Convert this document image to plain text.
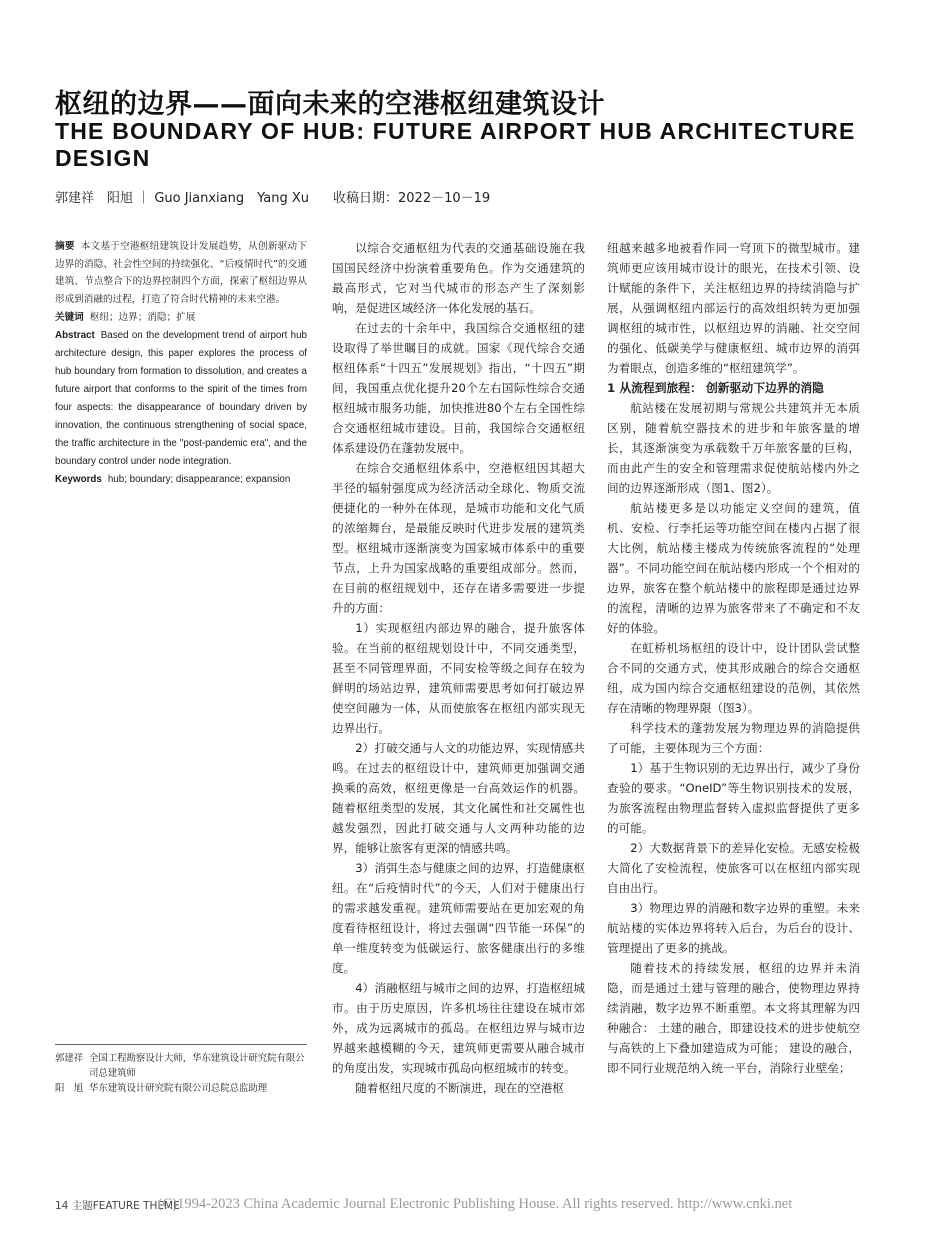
枢纽的边界——面向未来的空港枢纽建筑设计
THE BOUNDARY OF HUB: FUTURE AIRPORT HUB ARCHITECTURE DESIGN
郭建祥　阳旭 ｜ Guo Jianxiang　Yang Xu 收稿日期：2022－10－19

摘要 本文基于空港枢纽建筑设计发展趋势，从创新驱动下边界的消隐、社会性空间的持续强化、“后疫情时代”的交通建筑、节点整合下的边界控制四个方面，探索了枢纽边界从形成到消融的过程，打造了符合时代精神的未来空港。

关键词 枢纽；边界；消隐；扩展

Abstract Based on the development trend of airport hub architecture design, this paper explores the process of hub boundary from formation to dissolution, and creates a future airport that conforms to the spirit of the times from four aspects: the disappearance of boundary driven by innovation, the continuous strengthening of social space, the traffic architecture in the "post-pandemic era", and the boundary control under node integration.

Keywords hub; boundary; disappearance; expansion

郭建祥 全国工程勘察设计大师，华东建筑设计研究院有限公司总建筑师
阳　旭 华东建筑设计研究院有限公司总院总监助理

以综合交通枢纽为代表的交通基础设施在我国国民经济中扮演着重要角色。作为交通建筑的最高形式，它对当代城市的形态产生了深刻影响，是促进区域经济一体化发展的基石。

在过去的十余年中，我国综合交通枢纽的建设取得了举世瞩目的成就。国家《现代综合交通枢纽体系“十四五”发展规划》指出，“十四五”期间，我国重点优化提升20个左右国际性综合交通枢纽城市服务功能，加快推进80个左右全国性综合交通枢纽城市建设。目前，我国综合交通枢纽体系建设仍在蓬勃发展中。

在综合交通枢纽体系中，空港枢纽因其超大半径的辐射强度成为经济活动全球化、物质交流便捷化的一种外在体现，是城市功能和文化气质的浓缩舞台，是最能反映时代进步发展的建筑类型。枢纽城市逐渐演变为国家城市体系中的重要节点，上升为国家战略的重要组成部分。然而，在目前的枢纽规划中，还存在诸多需要进一步提升的方面：

1）实现枢纽内部边界的融合，提升旅客体验。在当前的枢纽规划设计中，不同交通类型，甚至不同管理界面，不同安检等级之间存在较为鲜明的场站边界，建筑师需要思考如何打破边界使空间融为一体，从而使旅客在枢纽内部实现无边界出行。

2）打破交通与人文的功能边界，实现情感共鸣。在过去的枢纽设计中，建筑师更加强调交通换乘的高效，枢纽更像是一台高效运作的机器。随着枢纽类型的发展，其文化属性和社交属性也越发强烈，因此打破交通与人文两种功能的边界，能够让旅客有更深的情感共鸣。

3）消弭生态与健康之间的边界，打造健康枢纽。在“后疫情时代”的今天，人们对于健康出行的需求越发重视。建筑师需要站在更加宏观的角度看待枢纽设计，将过去强调“四节能一环保”的单一维度转变为低碳运行、旅客健康出行的多维度。

4）消融枢纽与城市之间的边界，打造枢纽城市。由于历史原因，许多机场往往建设在城市郊外，成为远离城市的孤岛。在枢纽边界与城市边界越来越模糊的今天，建筑师更需要从融合城市的角度出发，实现城市孤岛向枢纽城市的转变。

随着枢纽尺度的不断演进，现在的空港枢

纽越来越多地被看作同一穹顶下的微型城市。建筑师更应该用城市设计的眼光，在技术引领、设计赋能的条件下，关注枢纽边界的持续消隐与扩展，从强调枢纽内部运行的高效组织转为更加强调枢纽的城市性，以枢纽边界的消融、社交空间的强化、低碳美学与健康枢纽、城市边界的消弭为着眼点，创造多维的“枢纽建筑学”。

1 从流程到旅程： 创新驱动下边界的消隐

航站楼在发展初期与常规公共建筑并无本质区别，随着航空器技术的进步和年旅客量的增长，其逐渐演变为承载数千万年旅客量的巨构，而由此产生的安全和管理需求促使航站楼内外之间的边界逐渐形成（图1、图2）。

航站楼更多是以功能定义空间的建筑，值机、安检、行李托运等功能空间在楼内占据了很大比例，航站楼主楼成为传统旅客流程的“处理器”。不同功能空间在航站楼内形成一个个相对的边界，旅客在整个航站楼中的旅程即是通过边界的流程，清晰的边界为旅客带来了不确定和不友好的体验。

在虹桥机场枢纽的设计中，设计团队尝试整合不同的交通方式，使其形成融合的综合交通枢纽，成为国内综合交通枢纽建设的范例，其依然存在清晰的物理界限（图3）。

科学技术的蓬勃发展为物理边界的消隐提供了可能，主要体现为三个方面：

1）基于生物识别的无边界出行，减少了身份查验的要求。“OneID”等生物识别技术的发展，为旅客流程由物理监督转入虚拟监督提供了更多的可能。

2）大数据背景下的差异化安检。无感安检极大简化了安检流程，使旅客可以在枢纽内部实现自由出行。

3）物理边界的消融和数字边界的重塑。未来航站楼的实体边界将转入后台，为后台的设计、管理提出了更多的挑战。

随着技术的持续发展，枢纽的边界并未消隐，而是通过土建与管理的融合，使物理边界持续消融，数字边界不断重塑。本文将其理解为四种融合： 土建的融合，即建设技术的进步使航空与高铁的上下叠加建造成为可能； 建设的融合，即不同行业规范纳入统一平台，消除行业壁垒；

14 主题FEATURE THEME
(C)1994-2023 China Academic Journal Electronic Publishing House. All rights reserved. http://www.cnki.net
